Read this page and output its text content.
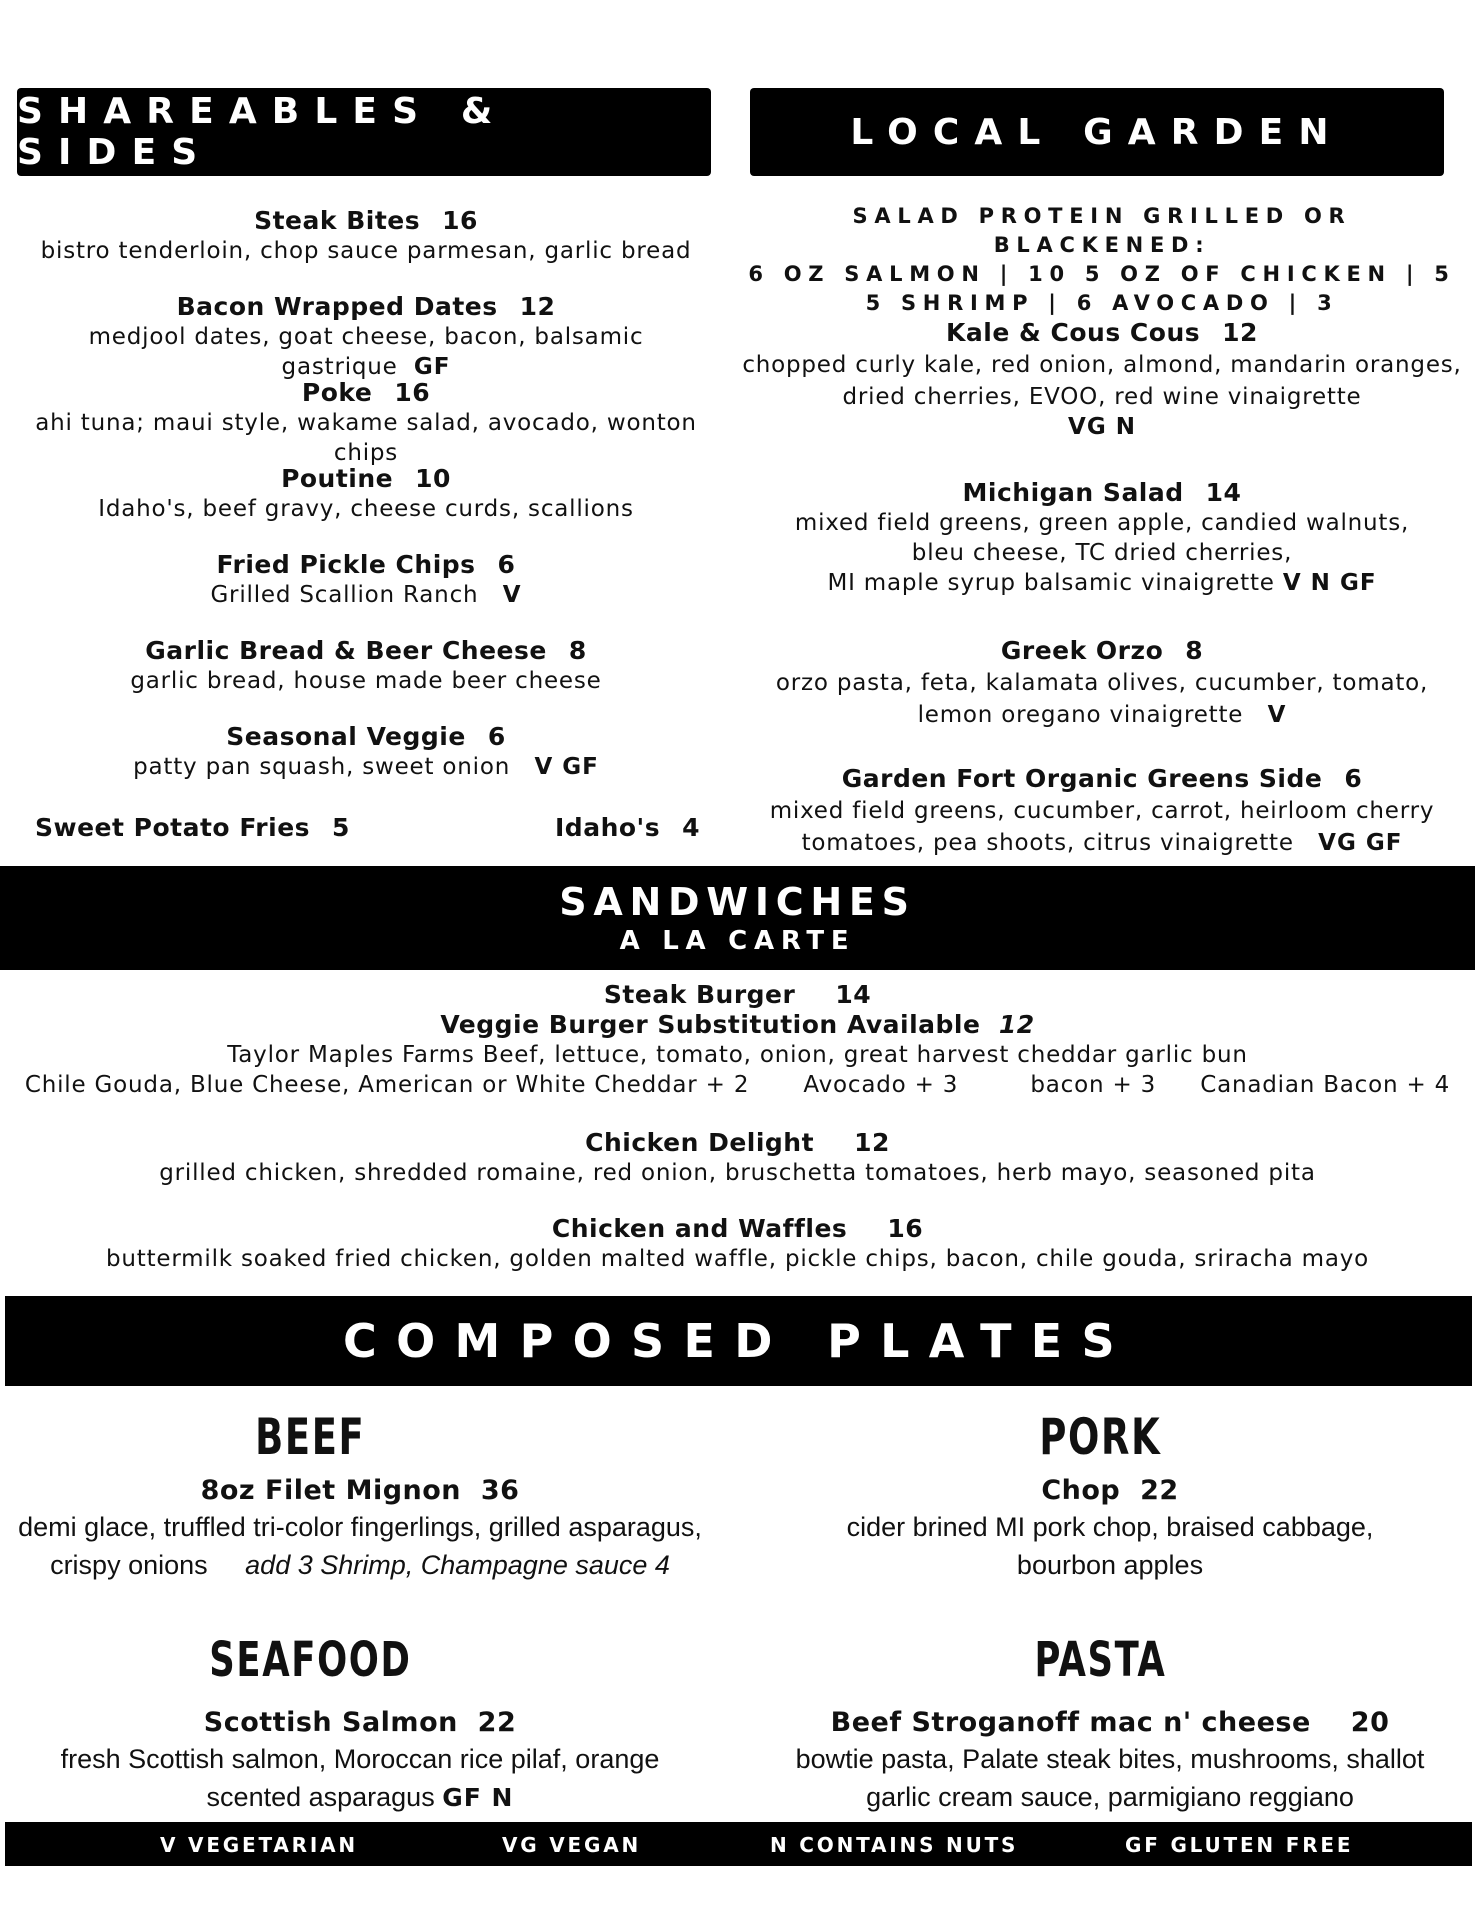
SHAREABLES & SIDES	LOCAL GARDEN
Steak Bites 16
bistro tenderloin, chop sauce parmesan, garlic bread
Bacon Wrapped Dates 12
medjool dates, goat cheese, bacon, balsamic gastrique GF
Poke 16
ahi tuna; maui style, wakame salad, avocado, wonton chips
Poutine 10
Idaho's, beef gravy, cheese curds, scallions
Fried Pickle Chips 6
Grilled Scallion Ranch V
Garlic Bread & Beer Cheese 8
garlic bread, house made beer cheese
Seasonal Veggie 6
patty pan squash, sweet onion V GF
Sweet Potato Fries 5	Idaho's 4
SALAD PROTEIN GRILLED OR BLACKENED:
6 OZ SALMON | 10 5 OZ OF CHICKEN | 5
5 SHRIMP | 6 AVOCADO | 3
Kale & Cous Cous 12
chopped curly kale, red onion, almond, mandarin oranges,
dried cherries, EVOO, red wine vinaigrette
VG N
Michigan Salad 14
mixed field greens, green apple, candied walnuts,
bleu cheese, TC dried cherries,
MI maple syrup balsamic vinaigrette V N GF
Greek Orzo 8
orzo pasta, feta, kalamata olives, cucumber, tomato,
lemon oregano vinaigrette V
Garden Fort Organic Greens Side 6
mixed field greens, cucumber, carrot, heirloom cherry
tomatoes, pea shoots, citrus vinaigrette VG GF
SANDWICHES
A LA CARTE
Steak Burger 14
Veggie Burger Substitution Available 12
Taylor Maples Farms Beef, lettuce, tomato, onion, great harvest cheddar garlic bun
Chile Gouda, Blue Cheese, American or White Cheddar + 2 Avocado + 3	bacon + 3 Canadian Bacon + 4
Chicken Delight 12
grilled chicken, shredded romaine, red onion, bruschetta tomatoes, herb mayo, seasoned pita
Chicken and Waffles 16
buttermilk soaked fried chicken, golden malted waffle, pickle chips, bacon, chile gouda, sriracha mayo
COMPOSED PLATES
BEEF
8oz Filet Mignon 36
demi glace, truffled tri-color fingerlings, grilled asparagus,
crispy onions add 3 Shrimp, Champagne sauce 4
PORK
Chop 22
cider brined MI pork chop, braised cabbage,
bourbon apples
SEAFOOD
Scottish Salmon 22
fresh Scottish salmon, Moroccan rice pilaf, orange
scented asparagus GF N
PASTA
Beef Stroganoff mac n' cheese 20
bowtie pasta, Palate steak bites, mushrooms, shallot
garlic cream sauce, parmigiano reggiano
V VEGETARIAN	VG VEGAN	N CONTAINS NUTS	GF GLUTEN FREE
